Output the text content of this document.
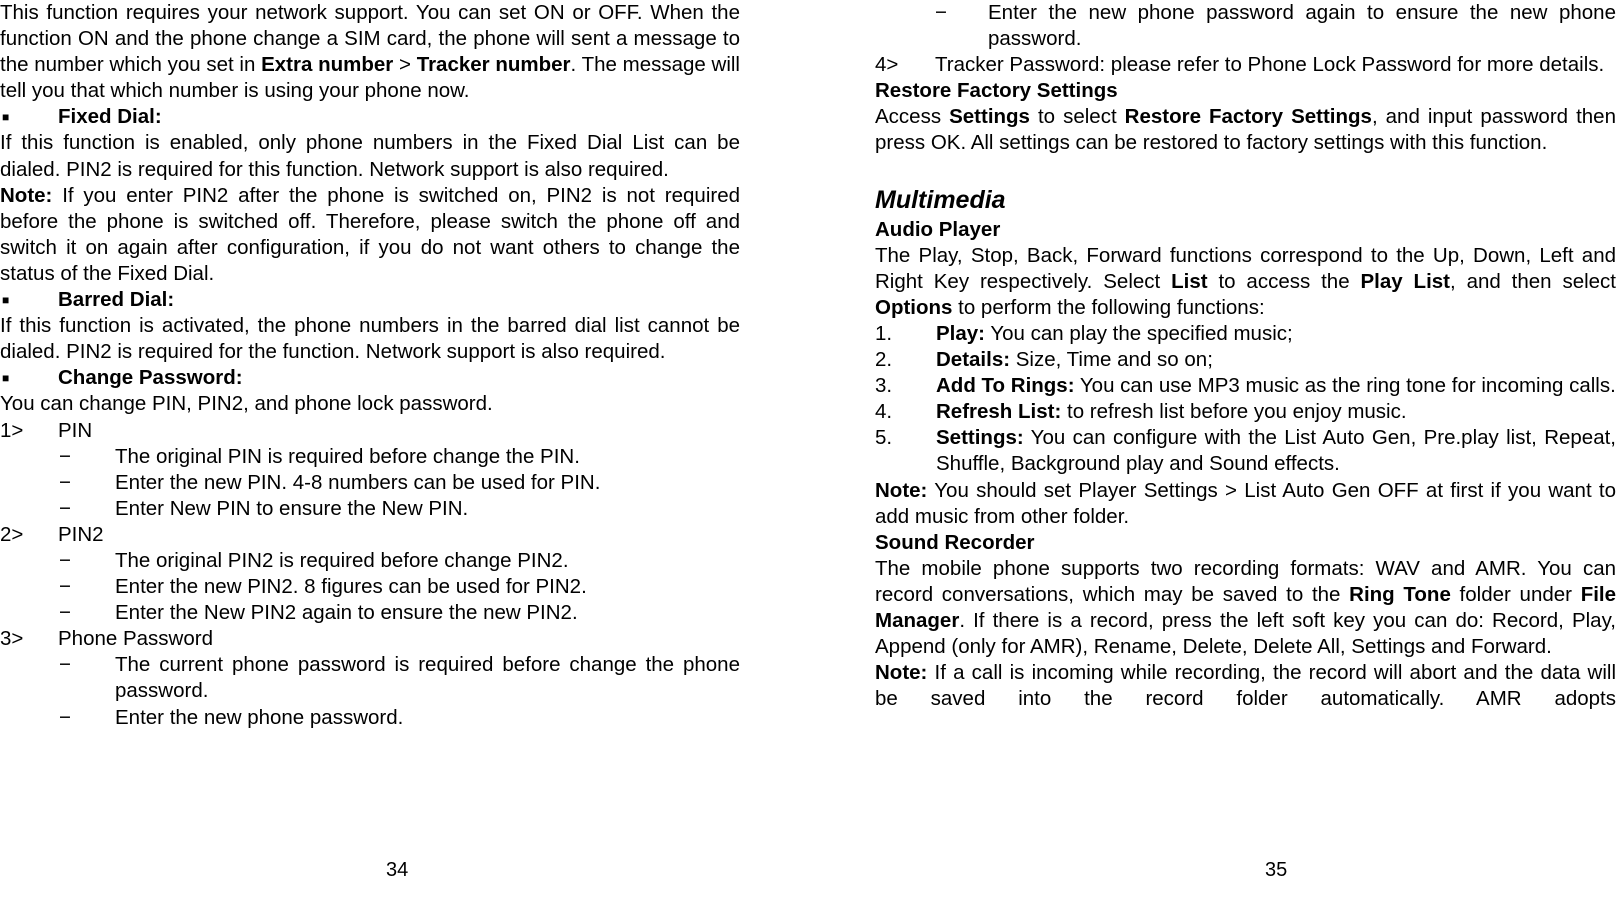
This function requires your network support. You can set ON or OFF. When the function ON and the phone change a SIM card, the phone will sent a message to the number which you set in Extra number > Tracker number. The message will tell you that which number is using your phone now.

■ Fixed Dial:

If this function is enabled, only phone numbers in the Fixed Dial List can be dialed. PIN2 is required for this function. Network support is also required.

Note: If you enter PIN2 after the phone is switched on, PIN2 is not required before the phone is switched off. Therefore, please switch the phone off and switch it on again after configuration, if you do not want others to change the status of the Fixed Dial.

■ Barred Dial:

If this function is activated, the phone numbers in the barred dial list cannot be dialed. PIN2 is required for the function. Network support is also required.

■ Change Password:

You can change PIN, PIN2, and phone lock password.

1> PIN

− The original PIN is required before change the PIN.

− Enter the new PIN. 4-8 numbers can be used for PIN.

− Enter New PIN to ensure the New PIN.

2> PIN2

− The original PIN2 is required before change PIN2.

− Enter the new PIN2. 8 figures can be used for PIN2.

− Enter the New PIN2 again to ensure the new PIN2.

3> Phone Password

− The current phone password is required before change the phone password.

− Enter the new phone password.

34

− Enter the new phone password again to ensure the new phone password.

4> Tracker Password: please refer to Phone Lock Password for more details.

Restore Factory Settings

Access Settings to select Restore Factory Settings, and input password then press OK. All settings can be restored to factory settings with this function.

Multimedia

Audio Player

The Play, Stop, Back, Forward functions correspond to the Up, Down, Left and Right Key respectively. Select List to access the Play List, and then select Options to perform the following functions:

1. Play: You can play the specified music;

2. Details: Size, Time and so on;

3. Add To Rings: You can use MP3 music as the ring tone for incoming calls.

4. Refresh List: to refresh list before you enjoy music.

5. Settings: You can configure with the List Auto Gen, Pre.play list, Repeat, Shuffle, Background play and Sound effects.

Note: You should set Player Settings > List Auto Gen OFF at first if you want to add music from other folder.

Sound Recorder

The mobile phone supports two recording formats: WAV and AMR. You can record conversations, which may be saved to the Ring Tone folder under File Manager. If there is a record, press the left soft key you can do: Record, Play, Append (only for AMR), Rename, Delete, Delete All, Settings and Forward.

Note: If a call is incoming while recording, the record will abort and the data will be saved into the record folder automatically. AMR adopts

35
